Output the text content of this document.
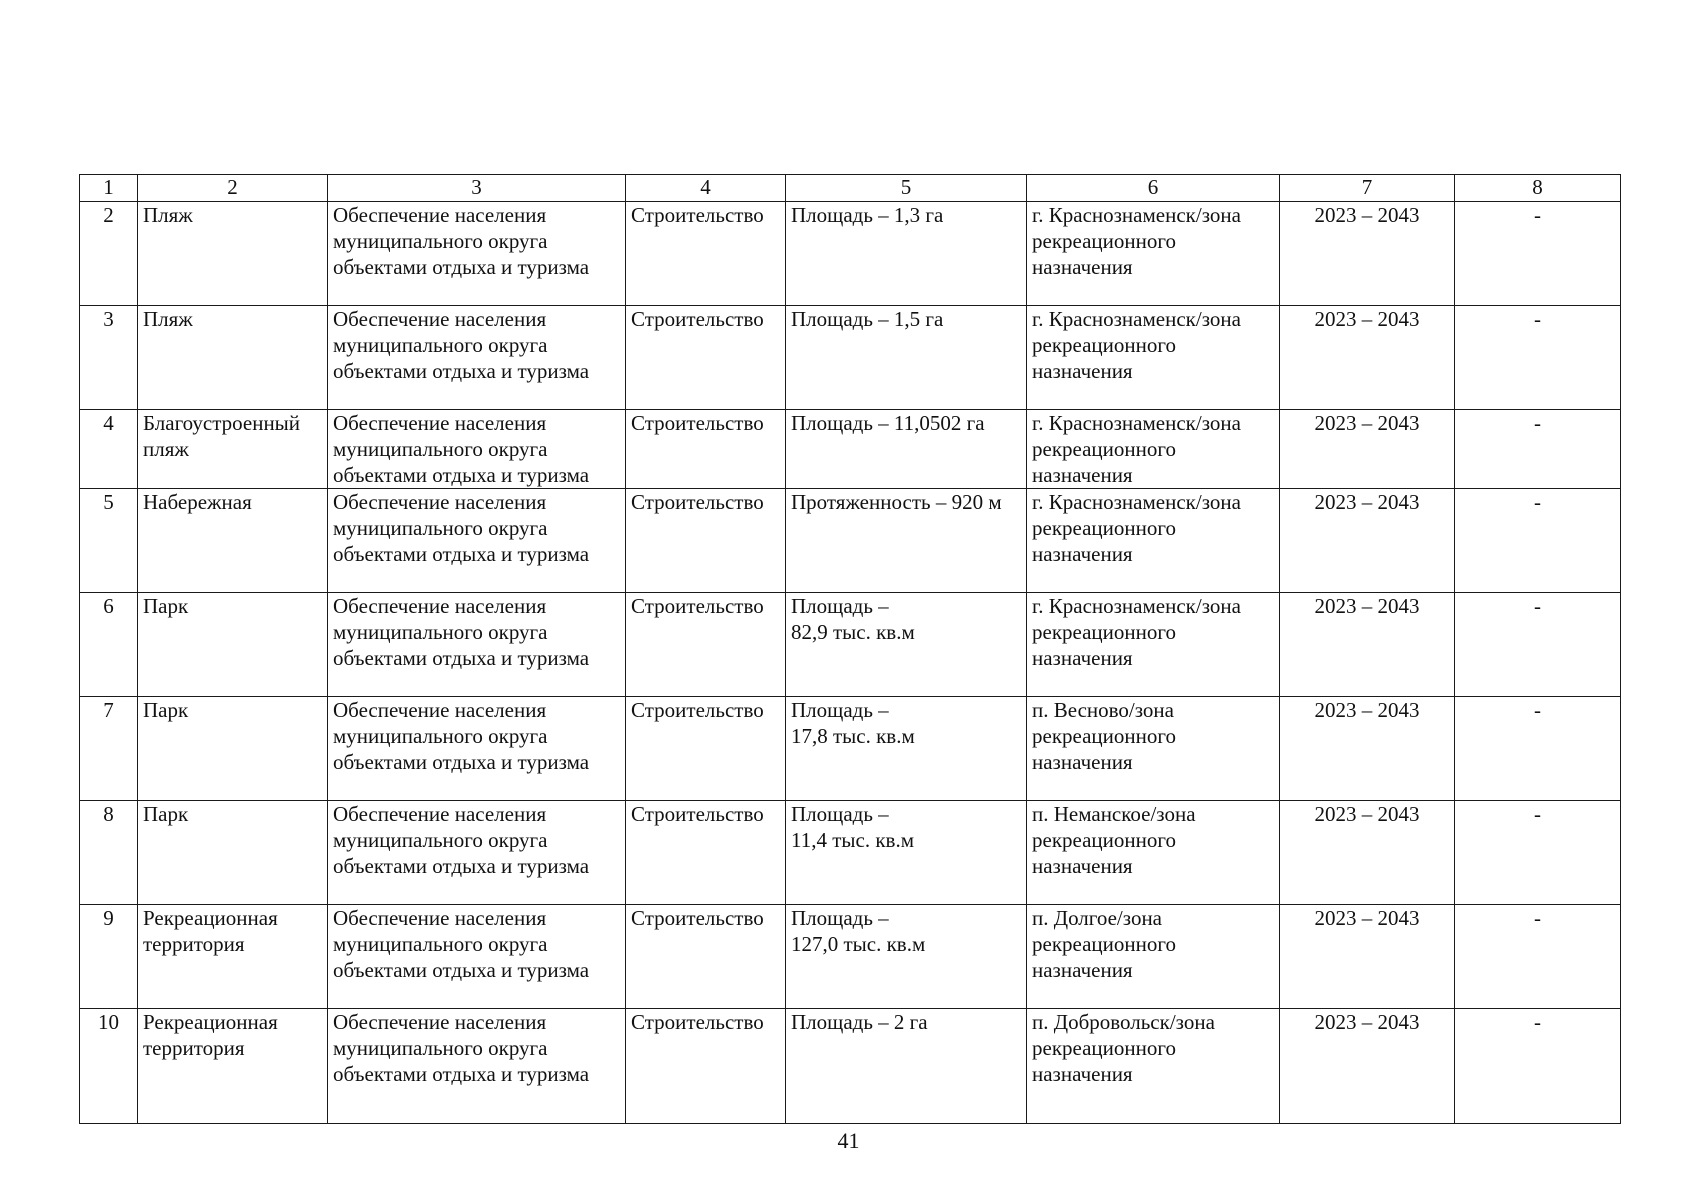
1	2	3	4	5	6	7	8
2	Пляж	Обеспечение населения
муниципального округа
объектами отдыха и туризма	Строительство	Площадь – 1,3 га	г. Краснознаменск/зона
рекреационного
назначения	2023 – 2043	-
3	Пляж	Обеспечение населения
муниципального округа
объектами отдыха и туризма	Строительство	Площадь – 1,5 га	г. Краснознаменск/зона
рекреационного
назначения	2023 – 2043	-
4	Благоустроенный
пляж	Обеспечение населения
муниципального округа
объектами отдыха и туризма	Строительство	Площадь – 11,0502 га	г. Краснознаменск/зона
рекреационного
назначения	2023 – 2043	-
5	Набережная	Обеспечение населения
муниципального округа
объектами отдыха и туризма	Строительство	Протяженность – 920 м	г. Краснознаменск/зона
рекреационного
назначения	2023 – 2043	-
6	Парк	Обеспечение населения
муниципального округа
объектами отдыха и туризма	Строительство	Площадь –
82,9 тыс. кв.м	г. Краснознаменск/зона
рекреационного
назначения	2023 – 2043	-
7	Парк	Обеспечение населения
муниципального округа
объектами отдыха и туризма	Строительство	Площадь –
17,8 тыс. кв.м	п. Весново/зона
рекреационного
назначения	2023 – 2043	-
8	Парк	Обеспечение населения
муниципального округа
объектами отдыха и туризма	Строительство	Площадь –
11,4 тыс. кв.м	п. Неманское/зона
рекреационного
назначения	2023 – 2043	-
9	Рекреационная
территория	Обеспечение населения
муниципального округа
объектами отдыха и туризма	Строительство	Площадь –
127,0 тыс. кв.м	п. Долгое/зона
рекреационного
назначения	2023 – 2043	-
10	Рекреационная
территория	Обеспечение населения
муниципального округа
объектами отдыха и туризма	Строительство	Площадь – 2 га	п. Добровольск/зона
рекреационного
назначения	2023 – 2043	-
41
